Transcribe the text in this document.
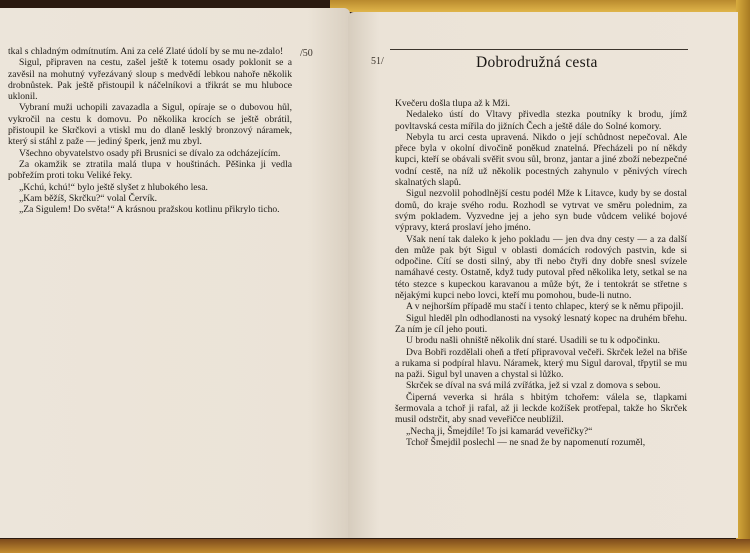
/50

tkal s chladným odmítnutím. Ani za celé Zlaté údolí by se mu ne-zdalo!

Sigul, připraven na cestu, zašel ještě k totemu osady poklonit se a zavěsil na mohutný vyřezávaný sloup s medvědí lebkou nahoře několik drobnůstek. Pak ještě přistoupil k náčelníkovi a třikrát se mu hluboce uklonil.

Vybraní muži uchopili zavazadla a Sigul, opíraje se o dubovou hůl, vykročil na cestu k domovu. Po několika krocích se ještě obrátil, přistoupil ke Skrčkovi a vtiskl mu do dlaně lesklý bronzový náramek, který si stáhl z paže — jediný šperk, jenž mu zbyl.

Všechno obyvatelstvo osady při Brusnici se dívalo za odcházejícím.

Za okamžik se ztratila malá tlupa v houštinách. Pěšinka ji vedla pobřežím proti toku Veliké řeky.

„Kchú, kchú!“ bylo ještě slyšet z hlubokého lesa.

„Kam běžíš, Skrčku?“ volal Červík.

„Za Sigulem! Do světa!“ A krásnou pražskou kotlinu přikrylo ticho.

51/	Dobrodružná cesta

Kvečeru došla tlupa až k Mži.

Nedaleko ústí do Vltavy přivedla stezka poutníky k brodu, jímž povltavská cesta mířila do jižních Čech a ještě dále do Solné komory.

Nebyla tu arci cesta upravená. Nikdo o její schůdnost nepečoval. Ale přece byla v okolní divočině poněkud znatelná. Přecházeli po ní někdy kupci, kteří se obávali svěřit svou sůl, bronz, jantar a jiné zboží nebezpečné vodní cestě, na níž už několik pocestných zahynulo v pěnivých vírech skalnatých slapů.

Sigul nezvolil pohodlnější cestu podél Mže k Litavce, kudy by se dostal domů, do kraje svého rodu. Rozhodl se vytrvat ve směru polednim, za svým pokladem. Vyzvedne jej a jeho syn bude vůdcem veliké bojové výpravy, která proslaví jeho jméno.

Však není tak daleko k jeho pokladu — jen dva dny cesty — a za další den může pak být Sigul v oblasti domácích rodových pastvin, kde si odpočine. Cítí se dosti silný, aby tři nebo čtyři dny dobře snesl svízele namáhavé cesty. Ostatně, když tudy putoval před několika lety, setkal se na této stezce s kupeckou karavanou a může být, že i tentokrát se střetne s nějakými kupci nebo lovci, kteří mu pomohou, bude-li nutno.

A v nejhorším případě mu stačí i tento chlapec, který se k němu připojil.

Sigul hleděl pln odhodlanosti na vysoký lesnatý kopec na druhém břehu. Za ním je cíl jeho pouti.

U brodu našli ohniště několik dní staré. Usadili se tu k odpočinku.

Dva Bobři rozdělali oheň a třetí připravoval večeři. Skrček ležel na břiše a rukama si podpíral hlavu. Náramek, který mu Sigul daroval, třpytil se mu na paži. Sigul byl unaven a chystal si lůžko.

Skrček se díval na svá milá zvířátka, jež si vzal z domova s sebou.

Čiperná veverka si hrála s hbitým tchořem: válela se, tlapkami šermovala a tchoř ji rafal, až ji leckde kožíšek protřepal, takže ho Skrček musil odstrčit, aby snad veveřičce neublížil.

„Nechᶏ ji, Šmejdíle! To jsi kamarád veveřičky?“

Tchoř Šmejdil poslechl — ne snad že by napomenutí rozuměl,
